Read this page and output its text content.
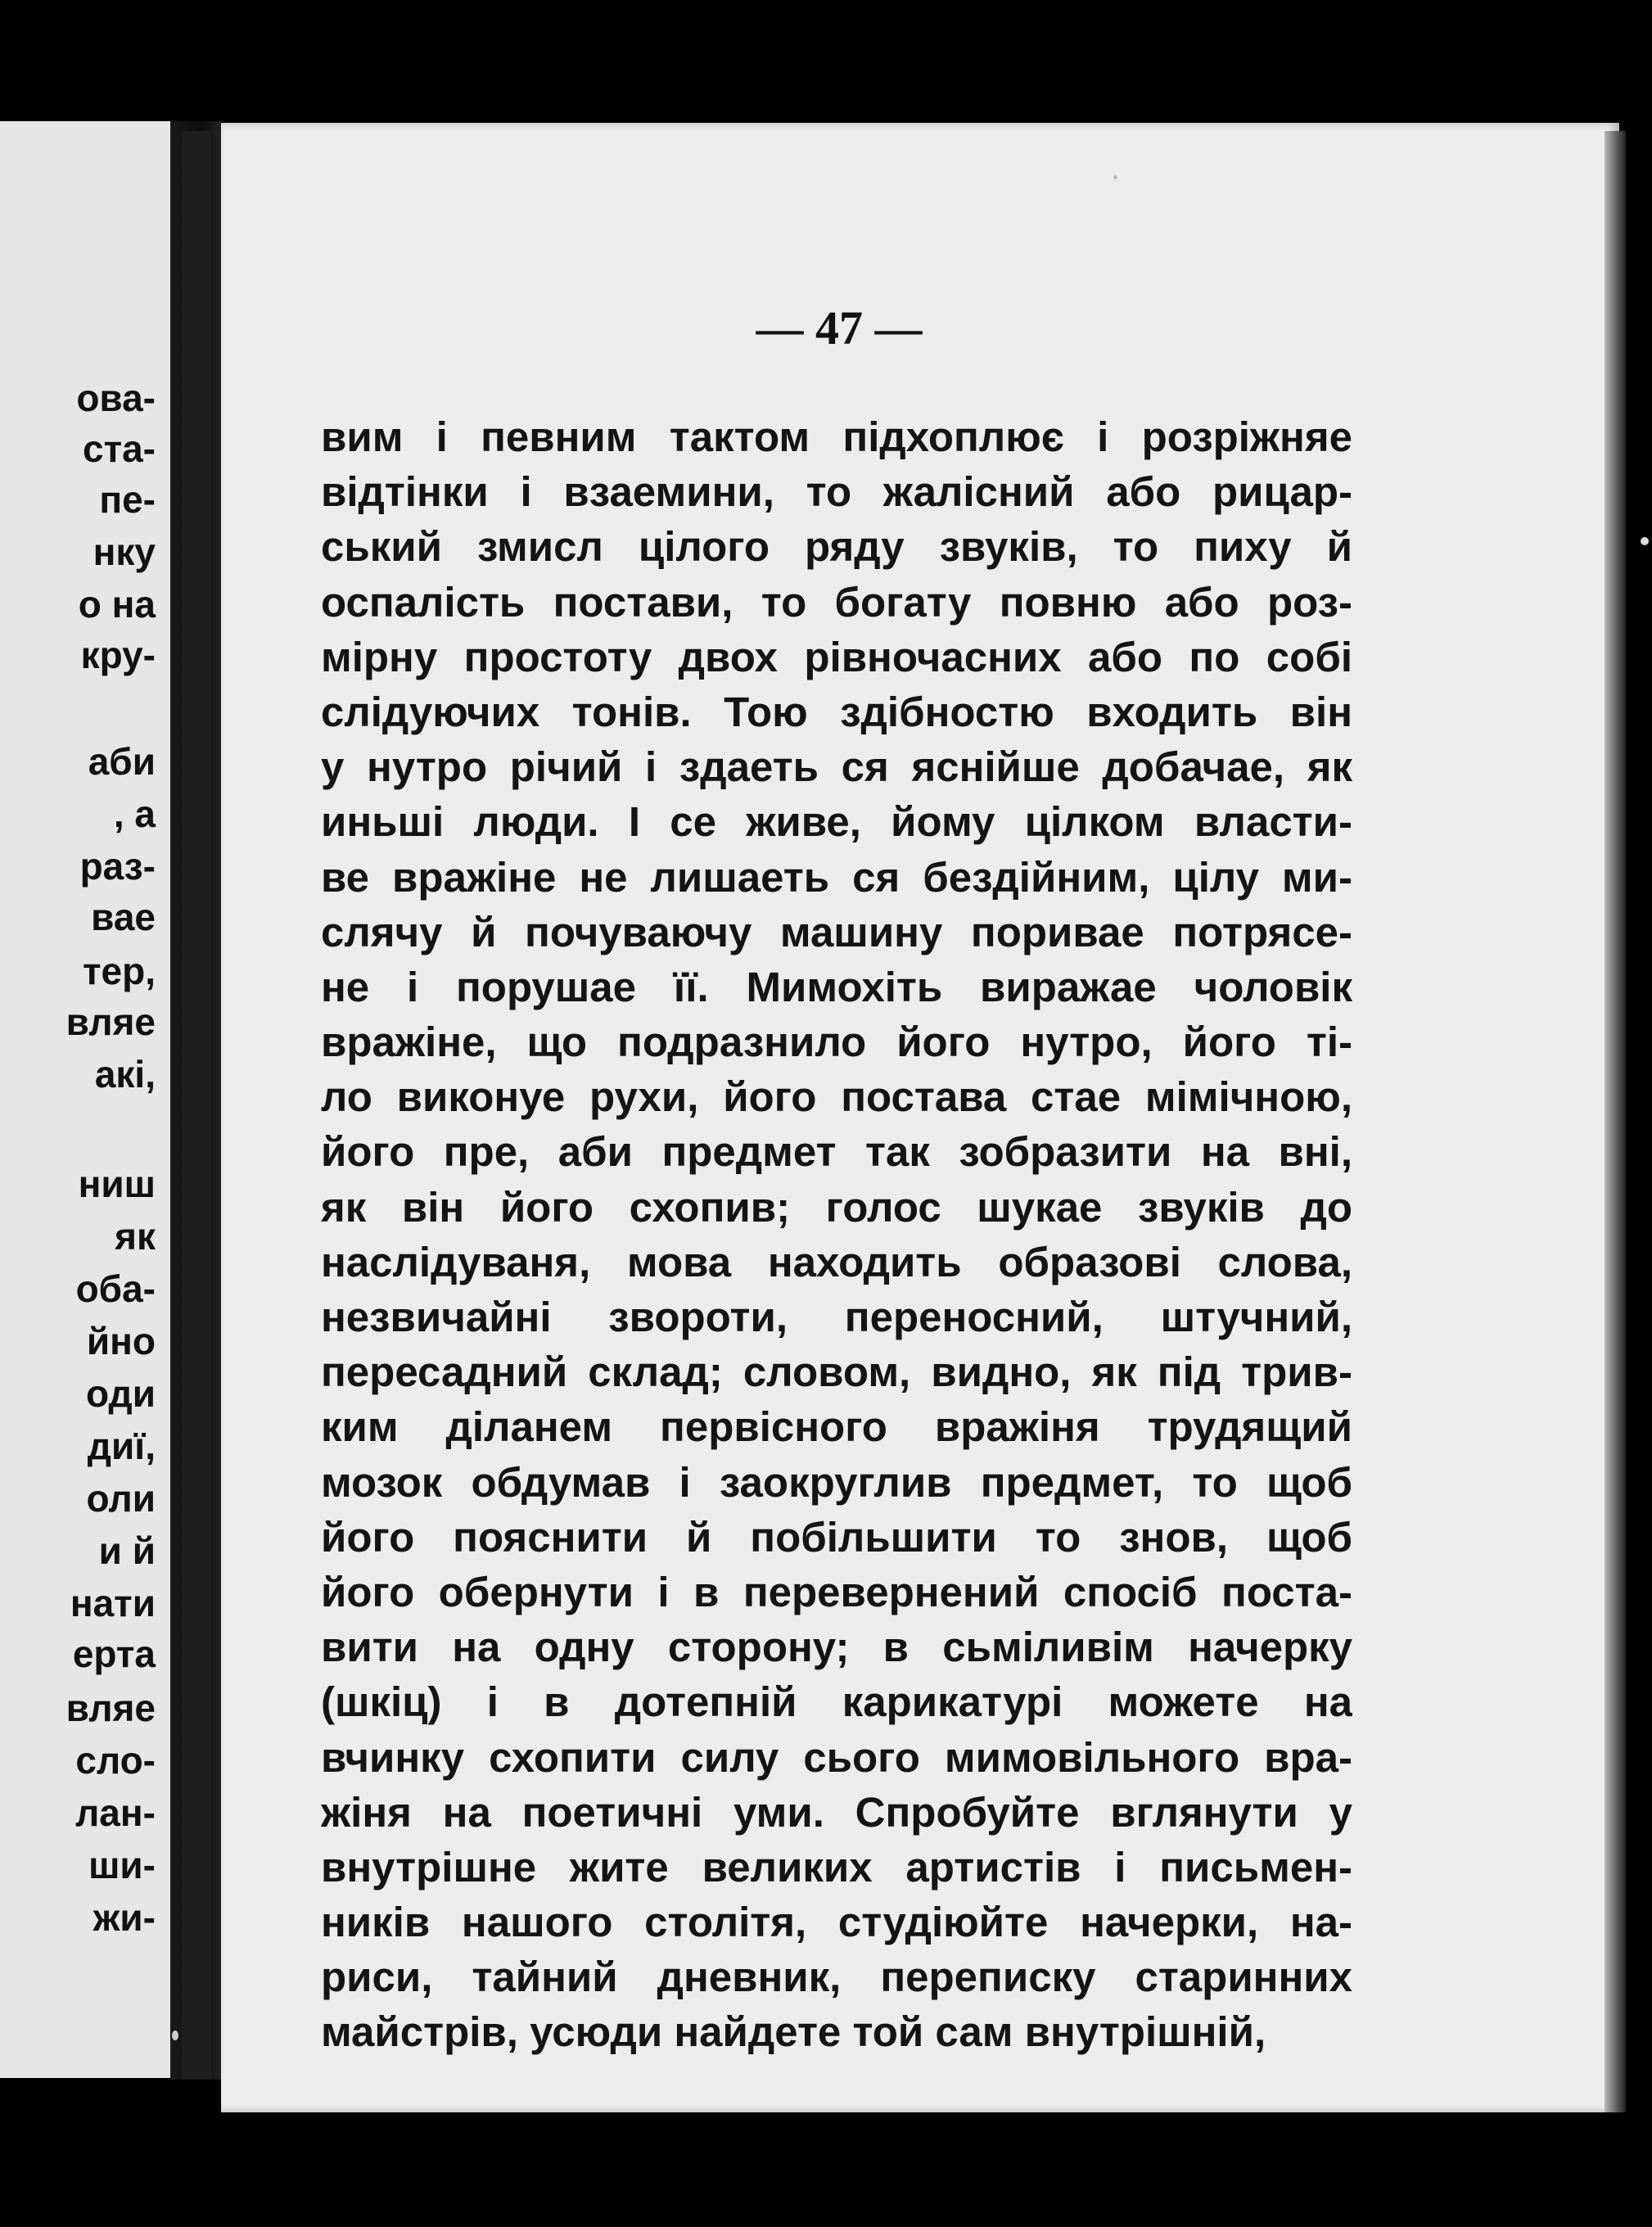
ова-
ста-
пе-
нку
о на
кру-
аби
, а
раз-
вае
тер,
вляе
акі,
ниш
як
оба-
йно
оди
диї,
оли
и й
нати
ерта
вляе
сло-
лан-
ши-
жи-
— 47 —
вим і певним тактом підхоплює і розріжняе
відтінки і взаемини, то жалісний або рицар-
ський змисл цілого ряду звуків, то пиху й
оспалість постави, то богату повню або роз-
мірну простоту двох рівночасних або по собі
слідуючих тонів. Тою здібностю входить він
у нутро річий і здаеть ся яснійше добачае, як
иньші люди. І се живе, йому цілком власти-
ве вражіне не лишаеть ся бездійним, цілу ми-
слячу й почуваючу машину поривае потрясе-
не і порушае її. Мимохіть виражае чоловік
вражіне, що подразнило його нутро, його ті-
ло виконуе рухи, його постава стае мімічною,
його пре, аби предмет так зобразити на вні,
як він його схопив; голос шукае звуків до
наслідуваня, мова находить образові слова,
незвичайні звороти, переносний, штучний,
пересадний склад; словом, видно, як під трив-
ким діланем первісного вражіня трудящий
мозок обдумав і заокруглив предмет, то щоб
його пояснити й побільшити то знов, щоб
його обернути і в перевернений спосіб поста-
вити на одну сторону; в сьміливім начерку
(шкіц) і в дотепній карикатурі можете на
вчинку схопити силу сього мимовільного вра-
жіня на поетичні уми. Спробуйте вглянути у
внутрішне жите великих артистів і письмен-
ників нашого столітя, студіюйте начерки, на-
риси, тайний дневник, переписку старинних
майстрів, усюди найдете той сам внутрішній,
